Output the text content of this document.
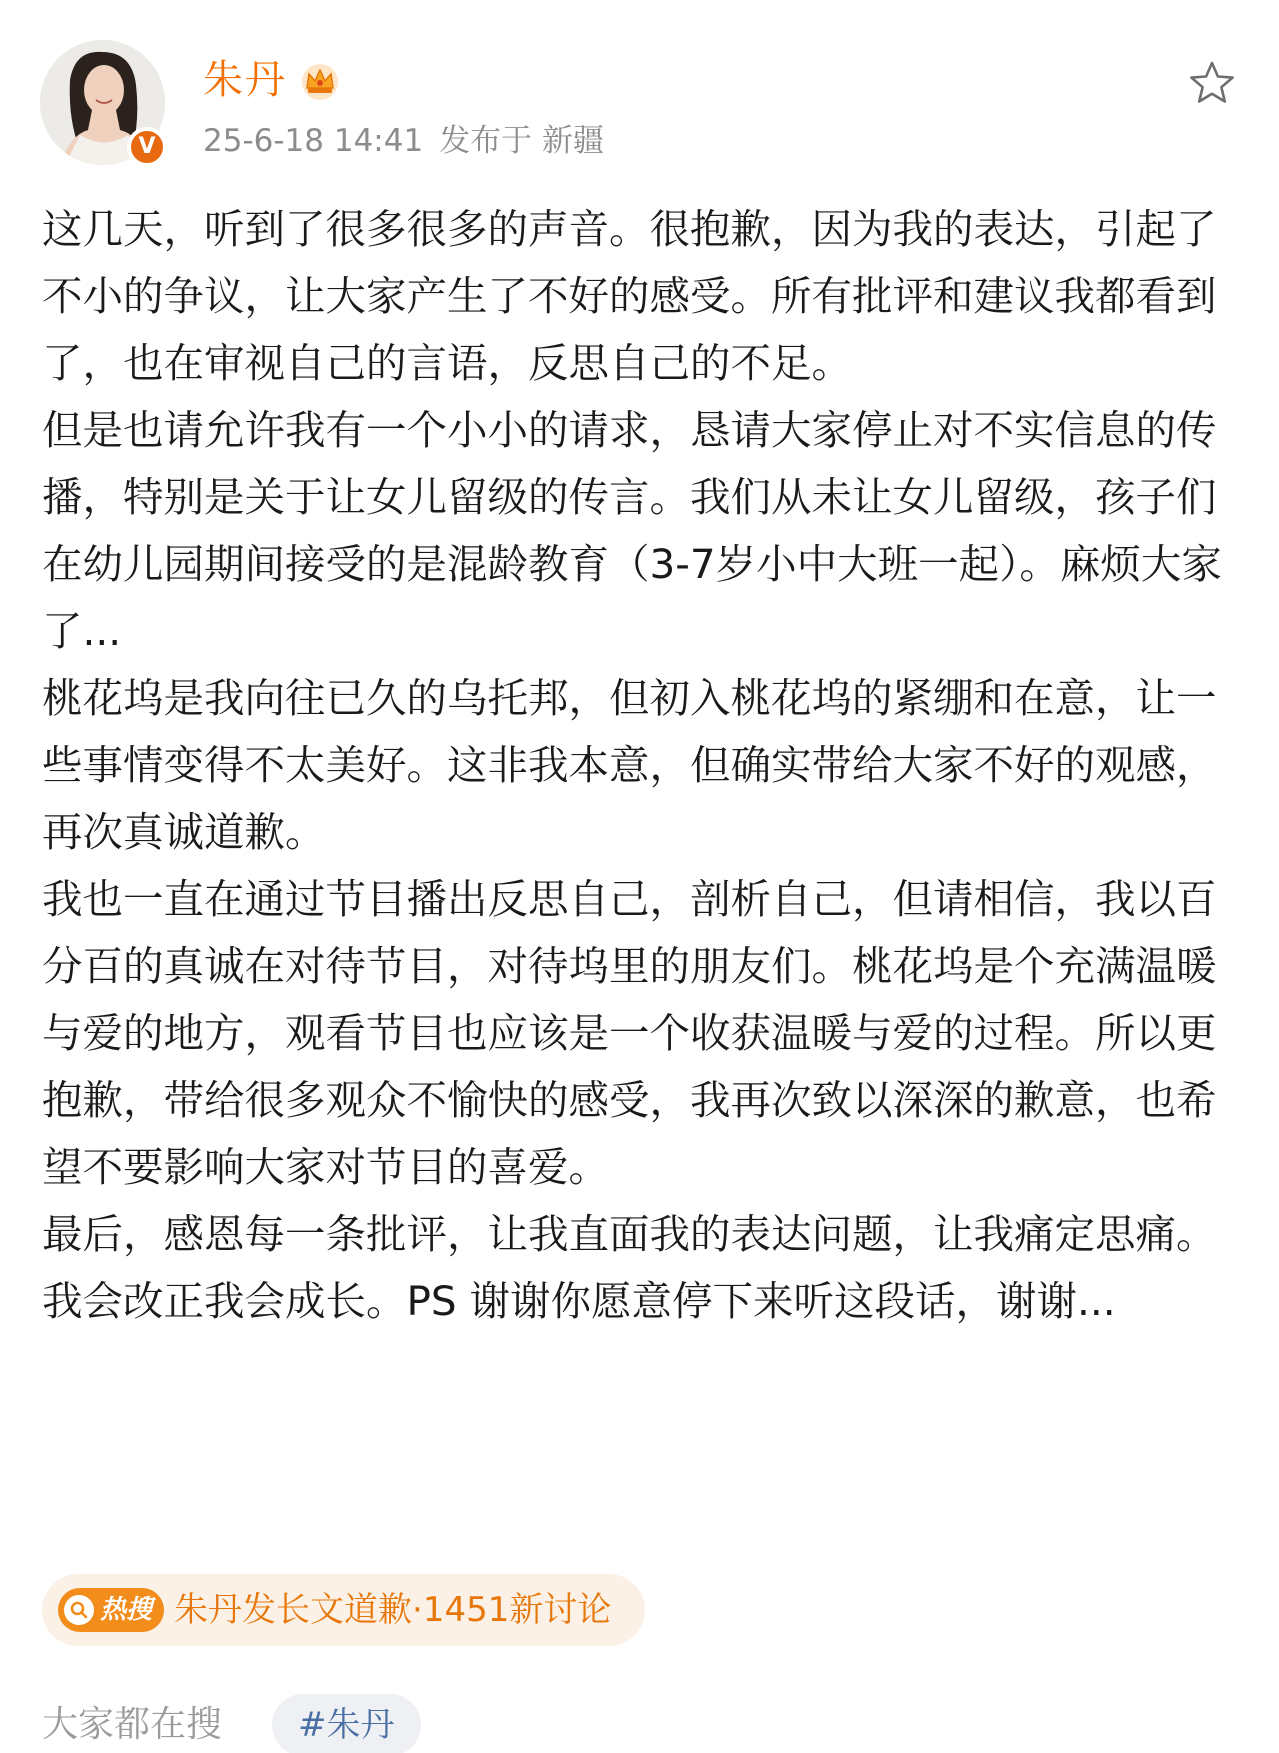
V
朱丹
25-6-18 14:41 发布于 新疆

这几天，听到了很多很多的声音。很抱歉，因为我的表达，引起了不小的争议，让大家产生了不好的感受。所有批评和建议我都看到了，也在审视自己的言语，反思自己的不足。

但是也请允许我有一个小小的请求，恳请大家停止对不实信息的传播，特别是关于让女儿留级的传言。我们从未让女儿留级，孩子们在幼儿园期间接受的是混龄教育（3-7岁小中大班一起）。麻烦大家了...

桃花坞是我向往已久的乌托邦，但初入桃花坞的紧绷和在意，让一些事情变得不太美好。这非我本意，但确实带给大家不好的观感，再次真诚道歉。

我也一直在通过节目播出反思自己，剖析自己，但请相信，我以百分百的真诚在对待节目，对待坞里的朋友们。桃花坞是个充满温暖与爱的地方，观看节目也应该是一个收获温暖与爱的过程。所以更抱歉，带给很多观众不愉快的感受，我再次致以深深的歉意，也希望不要影响大家对节目的喜爱。

最后，感恩每一条批评，让我直面我的表达问题，让我痛定思痛。我会改正我会成长。PS 谢谢你愿意停下来听这段话，谢谢...

热搜 朱丹发长文道歉·1451新讨论
大家都在搜	#朱丹
